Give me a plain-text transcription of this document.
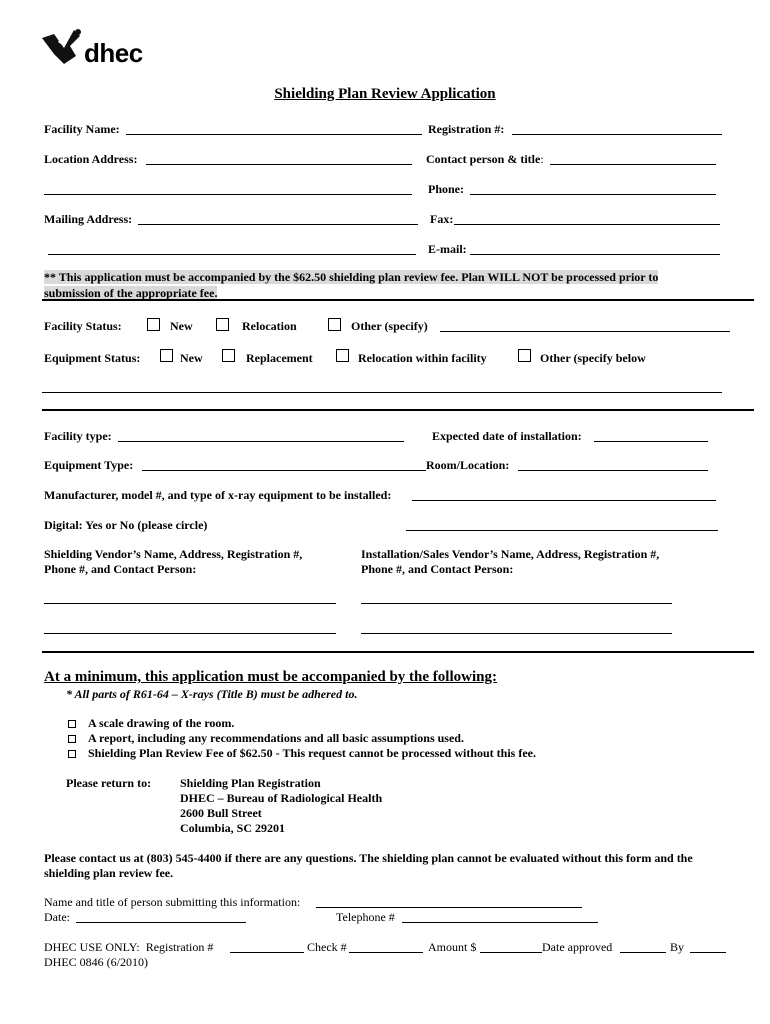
dhec
Shielding Plan Review Application
Facility Name:	Registration #:
Location Address:	Contact person & title:
Phone:
Mailing Address:	Fax:
E-mail:
** This application must be accompanied by the $62.50 shielding plan review fee. Plan WILL NOT be processed prior to
submission of the appropriate fee.
Facility Status:	New	Relocation	Other (specify)
Equipment Status:	New	Replacement	Relocation within facility	Other (specify below
Facility type:	Expected date of installation:
Equipment Type:	Room/Location:
Manufacturer, model #, and type of x-ray equipment to be installed:
Digital: Yes or No (please circle)
Shielding Vendor’s Name, Address, Registration #,
Phone #, and Contact Person:
Installation/Sales Vendor’s Name, Address, Registration #,
Phone #, and Contact Person:
At a minimum, this application must be accompanied by the following:
* All parts of R61-64 – X-rays (Title B) must be adhered to.
A scale drawing of the room.
A report, including any recommendations and all basic assumptions used.
Shielding Plan Review Fee of $62.50 - This request cannot be processed without this fee.
Please return to: Shielding Plan Registration
DHEC – Bureau of Radiological Health
2600 Bull Street
Columbia, SC 29201
Please contact us at (803) 545-4400 if there are any questions. The shielding plan cannot be evaluated without this form and the
shielding plan review fee.
Name and title of person submitting this information:
Date:	Telephone #
DHEC USE ONLY: Registration #	Check #	Amount $	Date approved	By
DHEC 0846 (6/2010)
